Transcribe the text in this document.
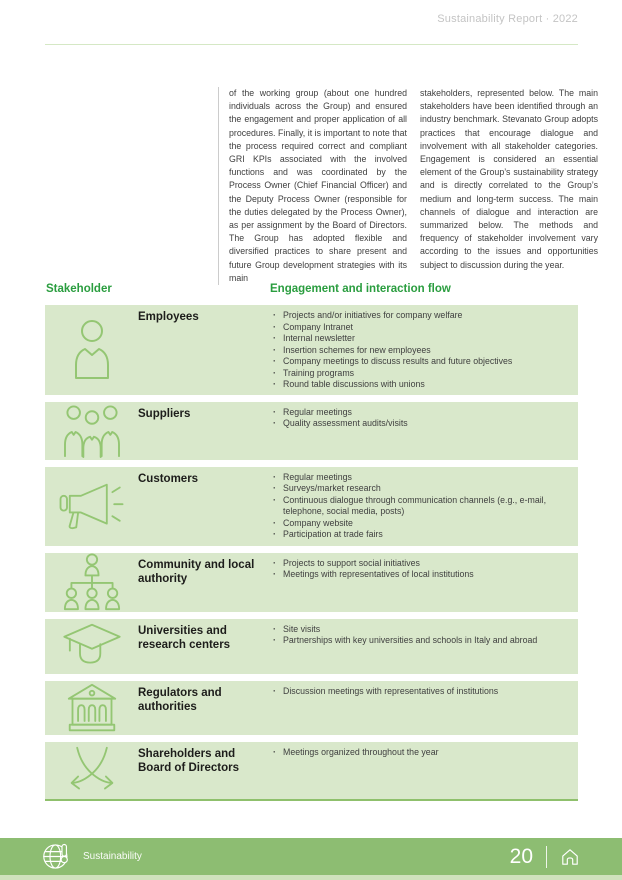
Sustainability Report · 2022
of the working group (about one hundred individuals across the Group) and ensured the engagement and proper application of all procedures. Finally, it is important to note that the process required correct and compliant GRI KPIs associated with the involved functions and was coordinated by the Process Owner (Chief Financial Officer) and the Deputy Process Owner (responsible for the duties delegated by the Process Owner), as per assignment by the Board of Directors. The Group has adopted flexible and diversified practices to share present and future Group development strategies with its main
stakeholders, represented below. The main stakeholders have been identified through an industry benchmark. Stevanato Group adopts practices that encourage dialogue and involvement with all stakeholder categories. Engagement is considered an essential element of the Group’s sustainability strategy and is directly correlated to the Group’s medium and long-term success. The main channels of dialogue and interaction are summarized below. The methods and frequency of stakeholder involvement vary according to the issues and opportunities subject to discussion during the year.
Stakeholder	Engagement and interaction flow
Employees	· Projects and/or initiatives for company welfare
· Company Intranet
· Internal newsletter
· Insertion schemes for new employees
· Company meetings to discuss results and future objectives
· Training programs
· Round table discussions with unions
Suppliers	· Regular meetings
· Quality assessment audits/visits
Customers	· Regular meetings
· Surveys/market research
· Continuous dialogue through communication channels (e.g., e-mail, telephone, social media, posts)
· Company website
· Participation at trade fairs
Community and local authority
· Projects to support social initiatives
· Meetings with representatives of local institutions
Universities and research centers
· Site visits
· Partnerships with key universities and schools in Italy and abroad
Regulators and authorities
· Discussion meetings with representatives of institutions
Shareholders and Board of Directors
· Meetings organized throughout the year
Sustainability	20
